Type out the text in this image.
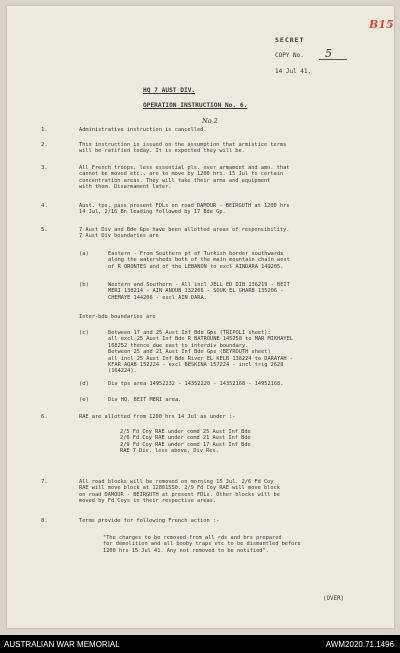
B15
SECRET
COPY No. 5
14 Jul 41.
HQ 7 AUST DIV.
OPERATION INSTRUCTION No. 6.
1.	Administrative instruction is cancelled.
No 2
2.	This instruction is issued on the assumption that armistice terms
will be ratified today. It is expected they will be.
3.	All French troops, less essential pls. over armament and amn. that
cannot be moved etc., are to move by 1200 hrs. 15 Jul to certain
concentration areas. They will take their arms and equipment
with them. Disarmament later.
4.	Aust. tps. pass present FDLs on road DAMOUR - BEIRGUTH at 1200 hrs
14 Jul, 2/16 Bn leading followed by 17 Bde Gp.
5.	7 Aust Div and Bde Gps have been allotted areas of responsibility.
7 Aust Div boundaries are
(a)	Eastern - From Southern pt of Turkish border southwards
along the watersheds both of the main mountain chain west
of R ORONTES and of the LEBANON to excl AINDARA 149205.
(b)	Western and Southern - All incl JELL ED DIB 136219 - BEIT
MERI 138214 - AIN ANOUB 132206 - SOUK EL GHARB 135206 -
CHEMAYE 144206 - excl AIN DARA.
Inter-bde boundaries are
(c)	Between 17 and 25 Aust Inf Bde Gps (TRIPOLI sheet):
all excl 25 Aust Inf Bde R BATROUNE 145258 to MAR MIKHAYEL
168252 thence due east to interdiv boundary.
Between 25 and 21 Aust Inf Bde Gps (BEYROUTH sheet)
all incl 25 Aust Inf Bde River EL KELB 138224 to DARAYAH -
KFAR AQAB 152224 - excl BESKINA 157224 - incl trig 2628
(164224).
(d)	Div tps area 14952232 - 14352220 - 14352168 - 14952168.
(e)	Div HQ. BEIT MERI area.
6.	RAE are allotted from 1200 hrs 14 Jul as under :-
2/5 Fd Coy RAE under comd 25 Aust Inf Bde
2/6 Fd Coy RAE under comd 21 Aust Inf Bde
2/9 Fd Coy RAE under comd 17 Aust Inf Bde
RAE 7 Div, less above, Div Res.
7.	All road blocks will be removed on morning 15 Jul. 2/6 Fd Coy
RAE will move block at 12801550. 2/9 Fd Coy RAE will move block
on road DAMOUR - BEIRGUTH at present FDLs. Other blocks will be
moved by Fd Coys in their respective areas.
8.	Terms provide for following French action :-
"The charges to be removed from all rds and brs prepared
for demolition and all booby traps etc to be dismantled before
1200 hrs 15 Jul 41. Any not removed to be notified".
(OVER)
AUSTRALIAN WAR MEMORIAL	AWM2020.71.1496
